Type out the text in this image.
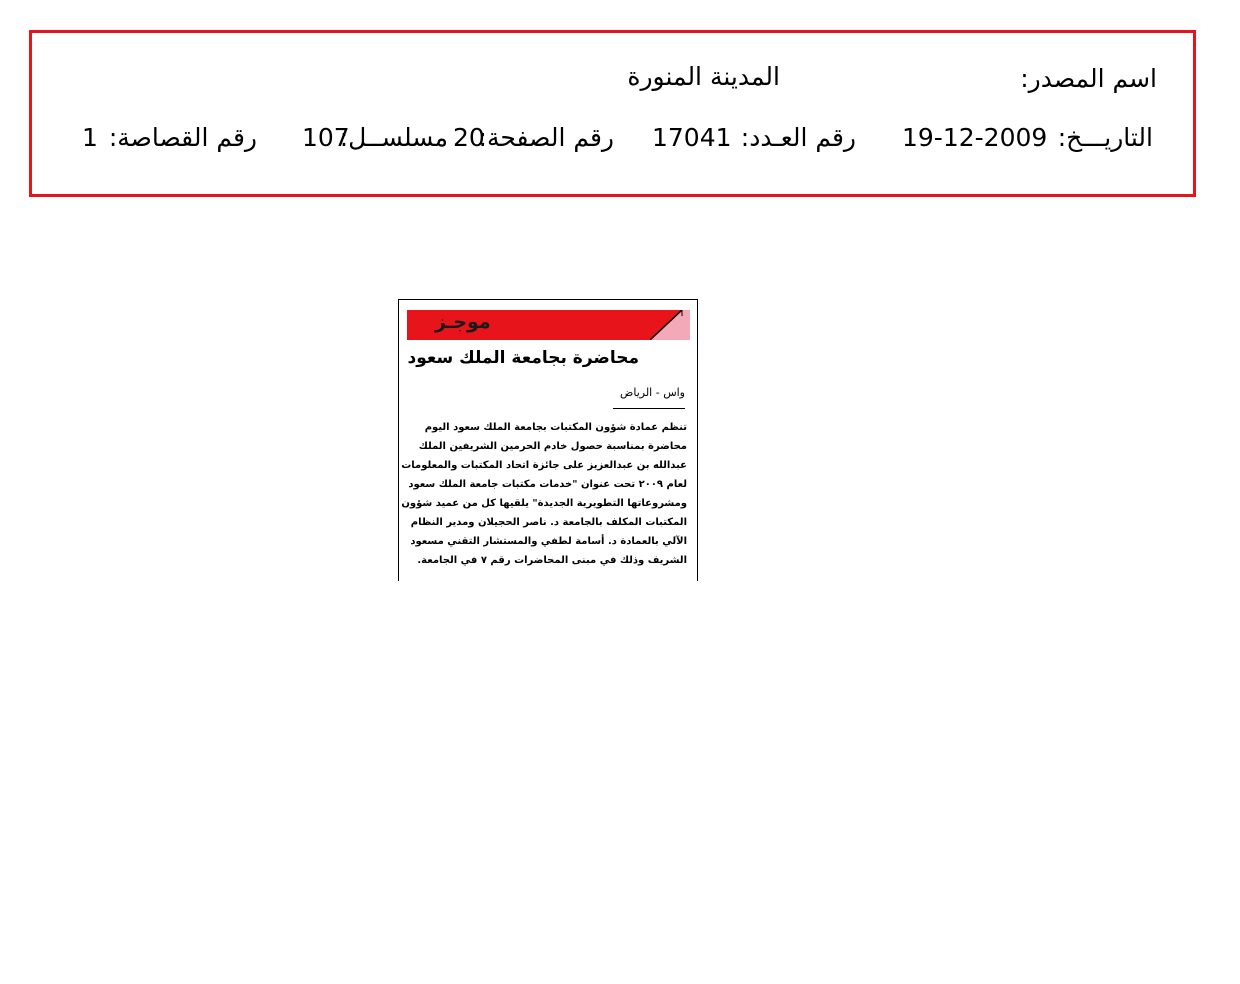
اسم المصدر:
المدينة المنورة
التاريـــخ:
19-12-2009
رقم العـدد:
17041
رقم الصفحة:
20
مسلســل:
107
رقم القصاصة:
1
موجـز
محاضرة بجامعة الملك سعود
واس - الرياض

تنظم عمادة شؤون المكتبات بجامعة الملك سعود اليوم

محاضرة بمناسبة حصول خادم الحرمين الشريفين الملك

عبدالله بن عبدالعزيز على جائزة اتحاد المكتبات والمعلومات

لعام ٢٠٠٩ تحت عنوان "خدمات مكتبات جامعة الملك سعود

ومشروعاتها التطويرية الجديدة" يلقيها كل من عميد شؤون

المكتبات المكلف بالجامعة د. ناصر الحجيلان ومدير النظام

الآلي بالعمادة د. أسامة لطفي والمستشار التقني مسعود

الشريف وذلك في مبنى المحاضرات رقم ٧ في الجامعة.
